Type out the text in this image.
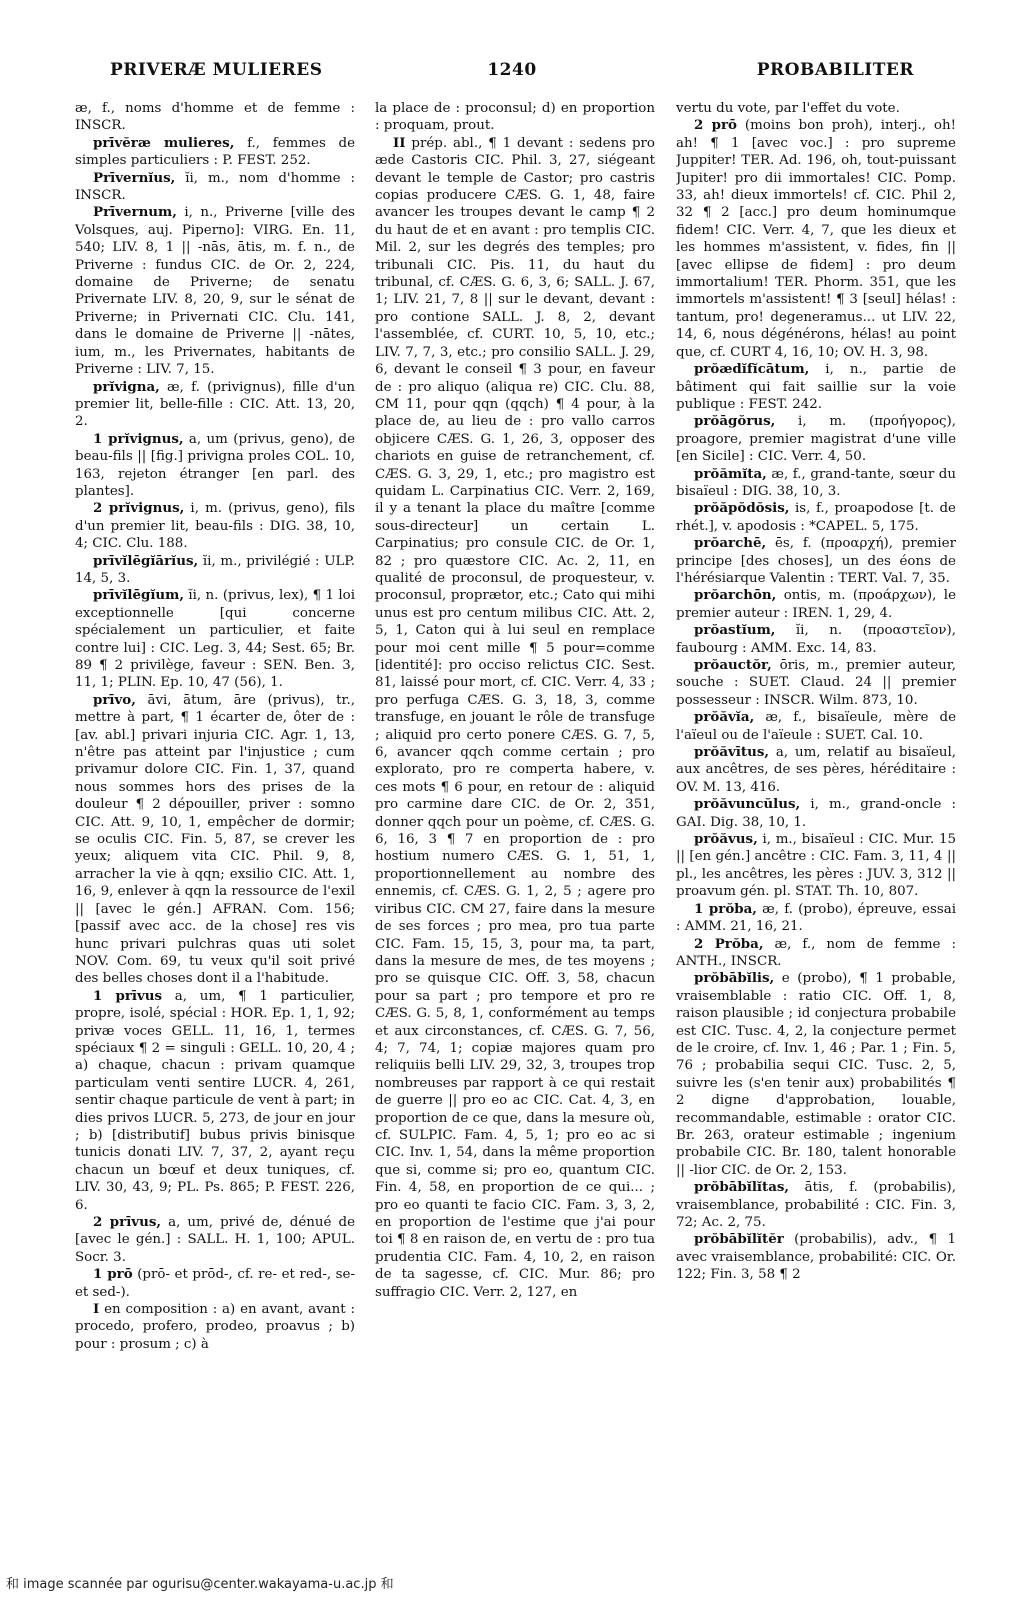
PRIVERÆ MULIERES	1240	PROBABILITER

æ, f., noms d'homme et de femme : INSCR.

prīvĕræ mulieres, f., femmes de simples particuliers : P. FEST. 252.

Prīvernĭus, ĭi, m., nom d'homme : INSCR.

Prīvernum, i, n., Priverne [ville des Volsques, auj. Piperno]: VIRG. En. 11, 540; LIV. 8, 1 || -nās, ātis, m. f. n., de Priverne : fundus CIC. de Or. 2, 224, domaine de Priverne; de senatu Privernate LIV. 8, 20, 9, sur le sénat de Priverne; in Privernati CIC. Clu. 141, dans le domaine de Priverne || -nātes, ium, m., les Privernates, habitants de Priverne : LIV. 7, 15.

prĭvigna, æ, f. (privignus), fille d'un premier lit, belle-fille : CIC. Att. 13, 20, 2.

1 prĭvignus, a, um (privus, geno), de beau-fils || [fig.] privigna proles COL. 10, 163, rejeton étranger [en parl. des plantes].

2 prĭvignus, i, m. (privus, geno), fils d'un premier lit, beau-fils : DIG. 38, 10, 4; CIC. Clu. 188.

prīvĭlēgĭārĭus, ĭi, m., privilégié : ULP. 14, 5, 3.

prīvĭlēgĭum, ĭi, n. (privus, lex), ¶ 1 loi exceptionnelle [qui concerne spécialement un particulier, et faite contre lui] : CIC. Leg. 3, 44; Sest. 65; Br. 89 ¶ 2 privilège, faveur : SEN. Ben. 3, 11, 1; PLIN. Ep. 10, 47 (56), 1.

prīvo, āvi, ātum, āre (privus), tr., mettre à part, ¶ 1 écarter de, ôter de : [av. abl.] privari injuria CIC. Agr. 1, 13, n'être pas atteint par l'injustice ; cum privamur dolore CIC. Fin. 1, 37, quand nous sommes hors des prises de la douleur ¶ 2 dépouiller, priver : somno CIC. Att. 9, 10, 1, empêcher de dormir; se oculis CIC. Fin. 5, 87, se crever les yeux; aliquem vita CIC. Phil. 9, 8, arracher la vie à qqn; exsilio CIC. Att. 1, 16, 9, enlever à qqn la ressource de l'exil || [avec le gén.] AFRAN. Com. 156; [passif avec acc. de la chose] res vis hunc privari pulchras quas uti solet NOV. Com. 69, tu veux qu'il soit privé des belles choses dont il a l'habitude.

1 prīvus a, um, ¶ 1 particulier, propre, isolé, spécial : HOR. Ep. 1, 1, 92; privæ voces GELL. 11, 16, 1, termes spéciaux ¶ 2 = singuli : GELL. 10, 20, 4 ; a) chaque, chacun : privam quamque particulam venti sentire LUCR. 4, 261, sentir chaque particule de vent à part; in dies privos LUCR. 5, 273, de jour en jour ; b) [distributif] bubus privis binisque tunicis donati LIV. 7, 37, 2, ayant reçu chacun un bœuf et deux tuniques, cf. LIV. 30, 43, 9; PL. Ps. 865; P. FEST. 226, 6.

2 prīvus, a, um, privé de, dénué de [avec le gén.] : SALL. H. 1, 100; APUL. Socr. 3.

1 prō (prō- et prōd-, cf. re- et red-, se- et sed-).

I en composition : a) en avant, avant : procedo, profero, prodeo, proavus ; b) pour : prosum ; c) à

la place de : proconsul; d) en proportion : proquam, prout.

II prép. abl., ¶ 1 devant : sedens pro æde Castoris CIC. Phil. 3, 27, siégeant devant le temple de Castor; pro castris copias producere CÆS. G. 1, 48, faire avancer les troupes devant le camp ¶ 2 du haut de et en avant : pro templis CIC. Mil. 2, sur les degrés des temples; pro tribunali CIC. Pis. 11, du haut du tribunal, cf. CÆS. G. 6, 3, 6; SALL. J. 67, 1; LIV. 21, 7, 8 || sur le devant, devant : pro contione SALL. J. 8, 2, devant l'assemblée, cf. CURT. 10, 5, 10, etc.; LIV. 7, 7, 3, etc.; pro consilio SALL. J. 29, 6, devant le conseil ¶ 3 pour, en faveur de : pro aliquo (aliqua re) CIC. Clu. 88, CM 11, pour qqn (qqch) ¶ 4 pour, à la place de, au lieu de : pro vallo carros objicere CÆS. G. 1, 26, 3, opposer des chariots en guise de retranchement, cf. CÆS. G. 3, 29, 1, etc.; pro magistro est quidam L. Carpinatius CIC. Verr. 2, 169, il y a tenant la place du maître [comme sous-directeur] un certain L. Carpinatius; pro consule CIC. de Or. 1, 82 ; pro quæstore CIC. Ac. 2, 11, en qualité de proconsul, de proquesteur, v. proconsul, proprætor, etc.; Cato qui mihi unus est pro centum milibus CIC. Att. 2, 5, 1, Caton qui à lui seul en remplace pour moi cent mille ¶ 5 pour=comme [identité]: pro occiso relictus CIC. Sest. 81, laissé pour mort, cf. CIC. Verr. 4, 33 ; pro perfuga CÆS. G. 3, 18, 3, comme transfuge, en jouant le rôle de transfuge ; aliquid pro certo ponere CÆS. G. 7, 5, 6, avancer qqch comme certain ; pro explorato, pro re comperta habere, v. ces mots ¶ 6 pour, en retour de : aliquid pro carmine dare CIC. de Or. 2, 351, donner qqch pour un poème, cf. CÆS. G. 6, 16, 3 ¶ 7 en proportion de : pro hostium numero CÆS. G. 1, 51, 1, proportionnellement au nombre des ennemis, cf. CÆS. G. 1, 2, 5 ; agere pro viribus CIC. CM 27, faire dans la mesure de ses forces ; pro mea, pro tua parte CIC. Fam. 15, 15, 3, pour ma, ta part, dans la mesure de mes, de tes moyens ; pro se quisque CIC. Off. 3, 58, chacun pour sa part ; pro tempore et pro re CÆS. G. 5, 8, 1, conformément au temps et aux circonstances, cf. CÆS. G. 7, 56, 4; 7, 74, 1; copiæ majores quam pro reliquiis belli LIV. 29, 32, 3, troupes trop nombreuses par rapport à ce qui restait de guerre || pro eo ac CIC. Cat. 4, 3, en proportion de ce que, dans la mesure où, cf. SULPIC. Fam. 4, 5, 1; pro eo ac si CIC. Inv. 1, 54, dans la même proportion que si, comme si; pro eo, quantum CIC. Fin. 4, 58, en proportion de ce qui... ; pro eo quanti te facio CIC. Fam. 3, 3, 2, en proportion de l'estime que j'ai pour toi ¶ 8 en raison de, en vertu de : pro tua prudentia CIC. Fam. 4, 10, 2, en raison de ta sagesse, cf. CIC. Mur. 86; pro suffragio CIC. Verr. 2, 127, en

vertu du vote, par l'effet du vote.

2 prō (moins bon proh), interj., oh! ah! ¶ 1 [avec voc.] : pro supreme Juppiter! TER. Ad. 196, oh, tout-puissant Jupiter! pro dii immortales! CIC. Pomp. 33, ah! dieux immortels! cf. CIC. Phil 2, 32 ¶ 2 [acc.] pro deum hominumque fidem! CIC. Verr. 4, 7, que les dieux et les hommes m'assistent, v. fides, fin || [avec ellipse de fidem] : pro deum immortalium! TER. Phorm. 351, que les immortels m'assistent! ¶ 3 [seul] hélas! : tantum, pro! degeneramus... ut LIV. 22, 14, 6, nous dégénérons, hélas! au point que, cf. CURT 4, 16, 10; OV. H. 3, 98.

prŏædĭfĭcātum, i, n., partie de bâtiment qui fait saillie sur la voie publique : FEST. 242.

prŏāgŏrus, i, m. (προήγορος), proagore, premier magistrat d'une ville [en Sicile] : CIC. Verr. 4, 50.

prŏămĭta, æ, f., grand-tante, sœur du bisaïeul : DIG. 38, 10, 3.

prŏăpŏdŏsis, is, f., proapodose [t. de rhét.], v. apodosis : *CAPEL. 5, 175.

prŏarchē, ēs, f. (προαρχή), premier principe [des choses], un des éons de l'hérésiarque Valentin : TERT. Val. 7, 35.

prŏarchōn, ontis, m. (προάρχων), le premier auteur : IREN. 1, 29, 4.

prŏastĭum, ĭi, n. (προαστεῖον), faubourg : AMM. Exc. 14, 83.

prŏauctŏr, ōris, m., premier auteur, souche : SUET. Claud. 24 || premier possesseur : INSCR. Wilm. 873, 10.

prŏăvĭa, æ, f., bisaïeule, mère de l'aïeul ou de l'aïeule : SUET. Cal. 10.

prŏăvītus, a, um, relatif au bisaïeul, aux ancêtres, de ses pères, héréditaire : OV. M. 13, 416.

prŏăvuncŭlus, i, m., grand-oncle : GAI. Dig. 38, 10, 1.

prŏăvus, i, m., bisaïeul : CIC. Mur. 15 || [en gén.] ancêtre : CIC. Fam. 3, 11, 4 || pl., les ancêtres, les pères : JUV. 3, 312 || proavum gén. pl. STAT. Th. 10, 807.

1 prŏba, æ, f. (probo), épreuve, essai : AMM. 21, 16, 21.

2 Prŏba, æ, f., nom de femme : ANTH., INSCR.

prŏbābĭlis, e (probo), ¶ 1 probable, vraisemblable : ratio CIC. Off. 1, 8, raison plausible ; id conjectura probabile est CIC. Tusc. 4, 2, la conjecture permet de le croire, cf. Inv. 1, 46 ; Par. 1 ; Fin. 5, 76 ; probabilia sequi CIC. Tusc. 2, 5, suivre les (s'en tenir aux) probabilités ¶ 2 digne d'approbation, louable, recommandable, estimable : orator CIC. Br. 263, orateur estimable ; ingenium probabile CIC. Br. 180, talent honorable || -lior CIC. de Or. 2, 153.

prŏbābĭlĭtas, ātis, f. (probabilis), vraisemblance, probabilité : CIC. Fin. 3, 72; Ac. 2, 75.

prŏbābĭlĭtĕr (probabilis), adv., ¶ 1 avec vraisemblance, probabilité: CIC. Or. 122; Fin. 3, 58 ¶ 2

和 image scannée par ogurisu@center.wakayama-u.ac.jp 和
